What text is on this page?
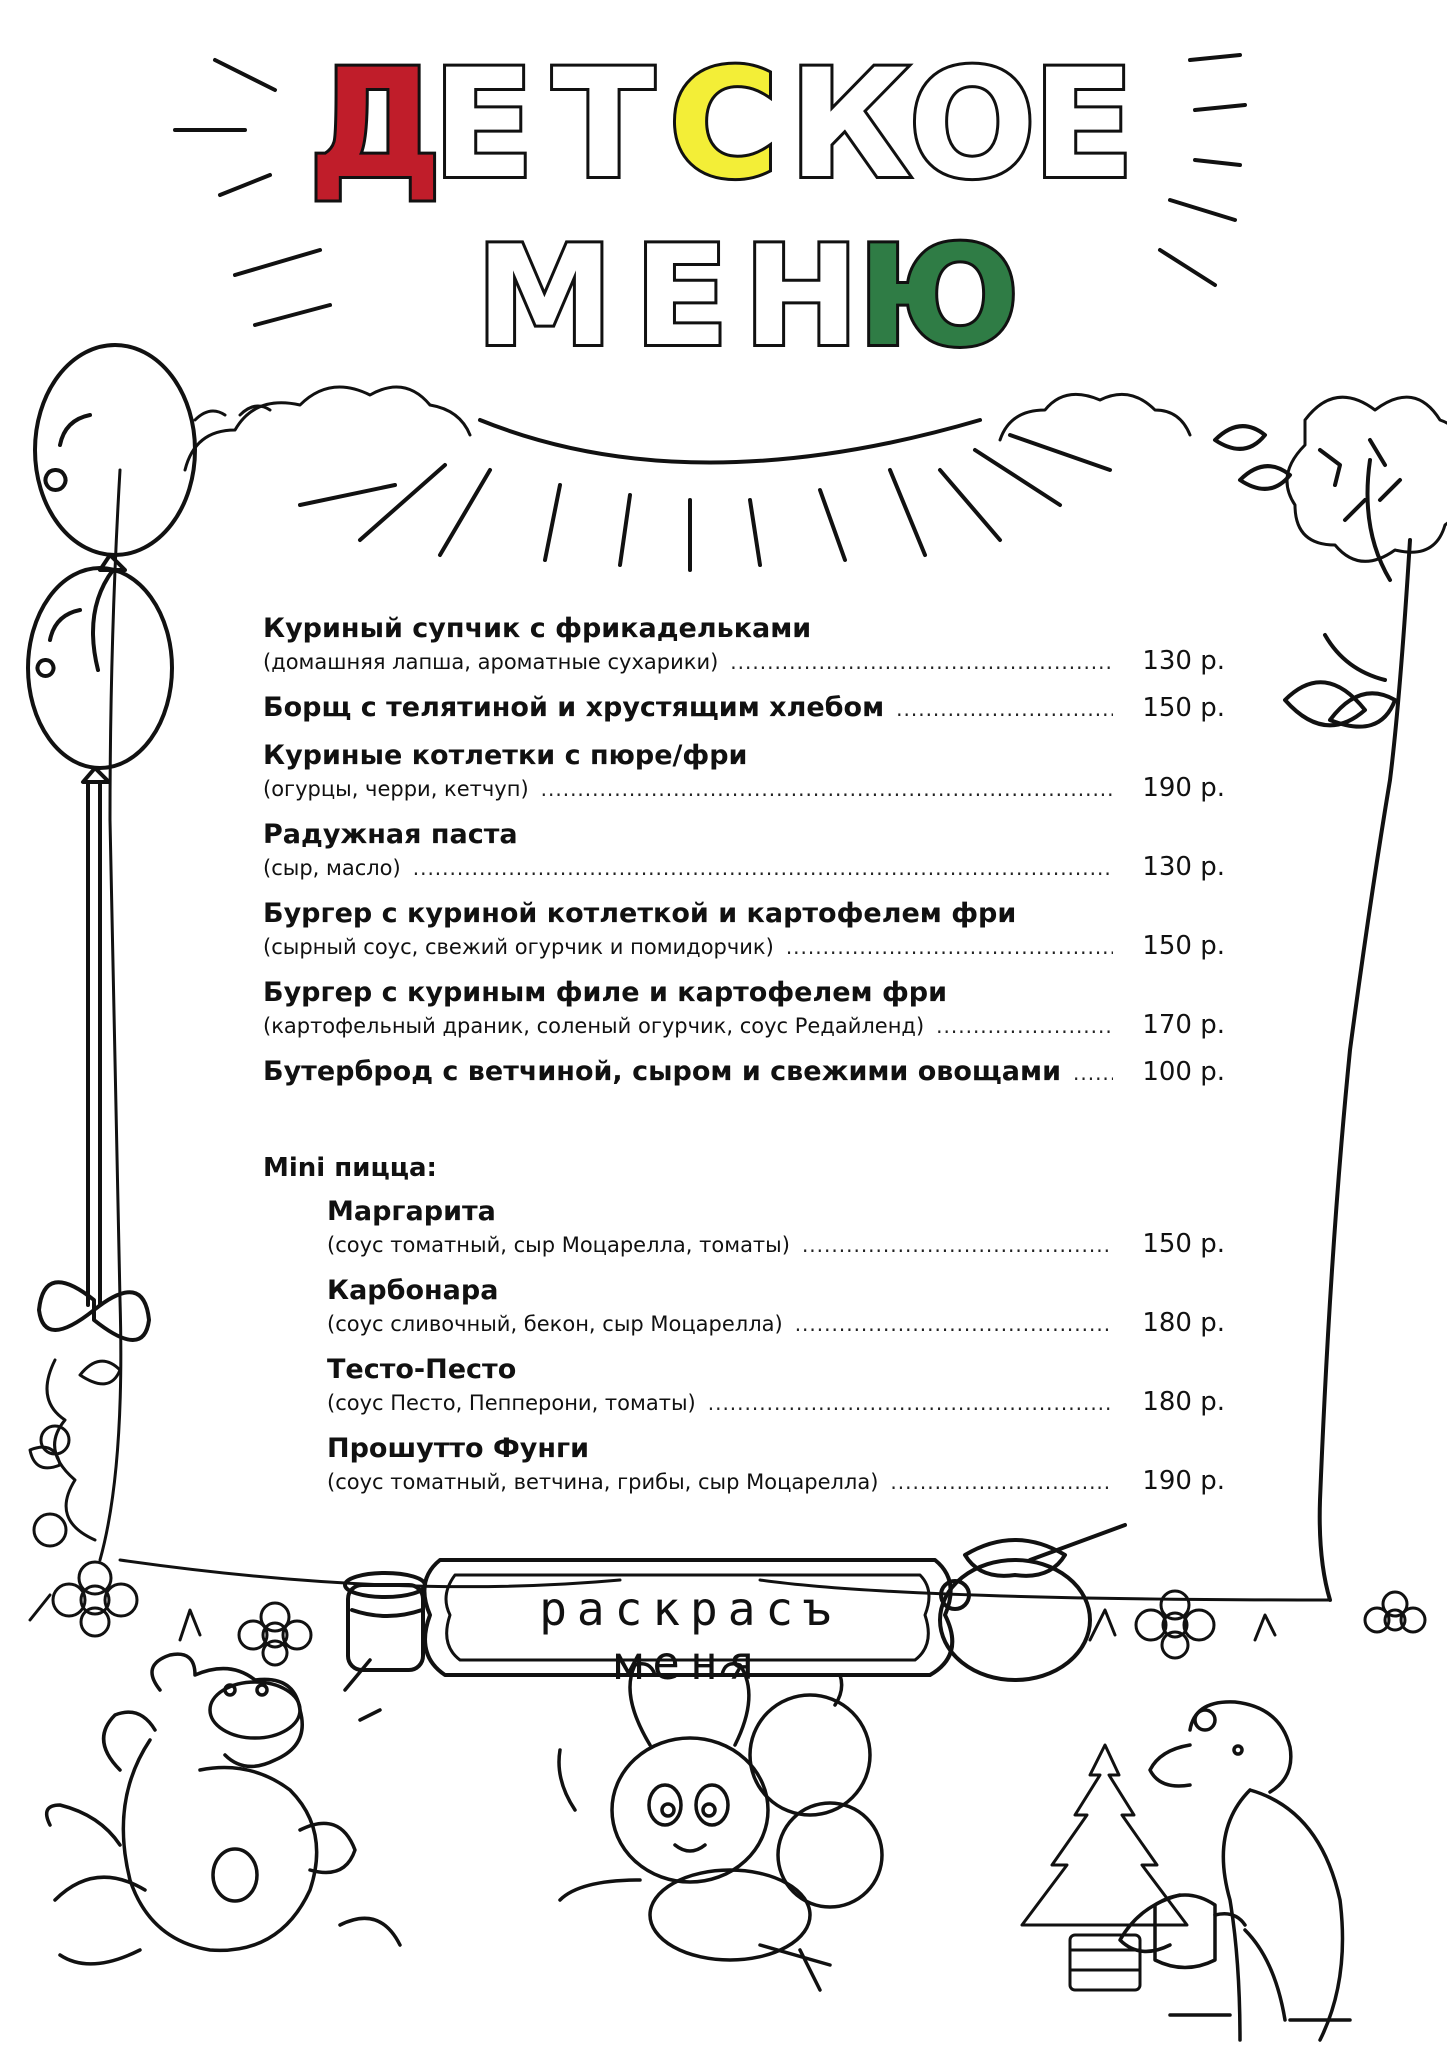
Д
Е Т С К
О
Е
М Е Н
Ю
Куриный супчик с фрикадельками
(домашняя лапша, ароматные сухарики) .....	130 р.
Борщ с телятиной и хрустящим хлебом .....	150 р.
Куриные котлетки с пюре/фри
(огурцы, черри, кетчуп) .....	190 р.
Радужная паста
(сыр, масло) .....	130 р.
Бургер с куриной котлеткой и картофелем фри
(сырный соус, свежий огурчик и помидорчик) .....	150 р.
Бургер с куриным филе и картофелем фри
(картофельный драник, соленый огурчик, соус Редайленд) .....	170 р.
Бутерброд с ветчиной, сыром и свежими овощами .....	100 р.
Mini пицца:
Маргарита
(соус томатный, сыр Моцарелла, томаты) .....	150 р.
Карбонара
(соус сливочный, бекон, сыр Моцарелла) .....	180 р.
Тесто-Песто
(соус Песто, Пепперони, томаты) .....	180 р.
Прошутто Фунги
(соус томатный, ветчина, грибы, сыр Моцарелла) .....	190 р.
раскрасъ меня
